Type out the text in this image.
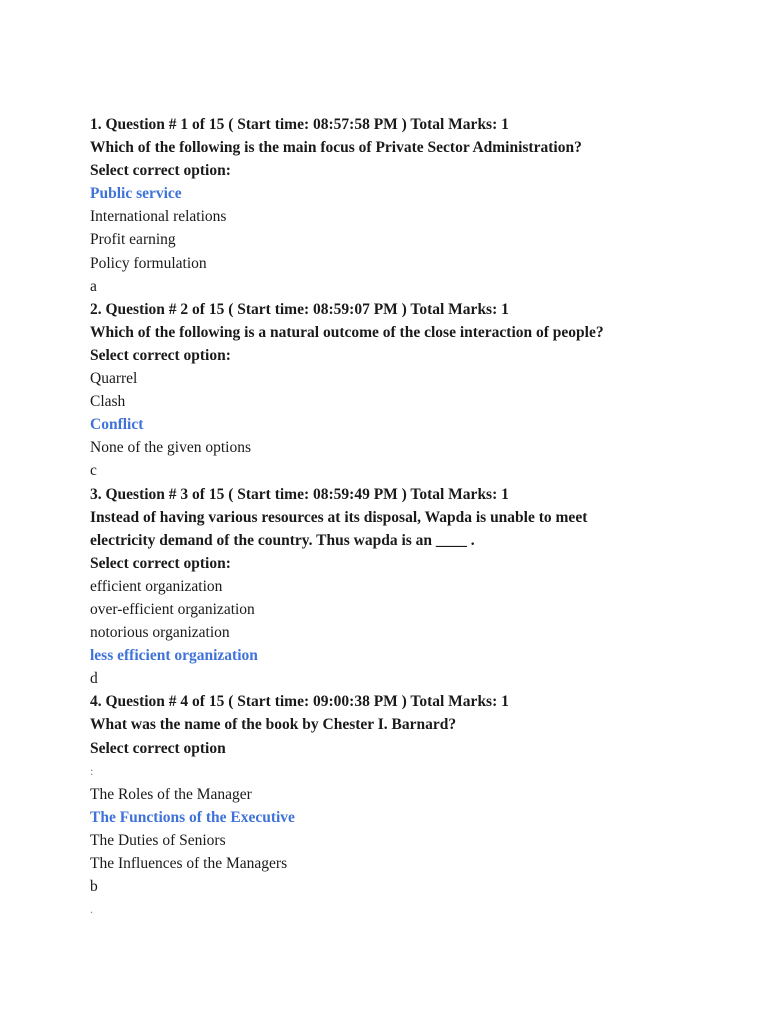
1. Question # 1 of 15 ( Start time: 08:57:58 PM ) Total Marks: 1
Which of the following is the main focus of Private Sector Administration?
Select correct option:
Public service
International relations
Profit earning
Policy formulation
a
2. Question # 2 of 15 ( Start time: 08:59:07 PM ) Total Marks: 1
Which of the following is a natural outcome of the close interaction of people?
Select correct option:
Quarrel
Clash
Conflict
None of the given options
c
3. Question # 3 of 15 ( Start time: 08:59:49 PM ) Total Marks: 1
Instead of having various resources at its disposal, Wapda is unable to meet
electricity demand of the country. Thus wapda is an ____ .
Select correct option:
efficient organization
over-efficient organization
notorious organization
less efficient organization
d
4. Question # 4 of 15 ( Start time: 09:00:38 PM ) Total Marks: 1
What was the name of the book by Chester I. Barnard?
Select correct option
:
The Roles of the Manager
The Functions of the Executive
The Duties of Seniors
The Influences of the Managers
b
.
